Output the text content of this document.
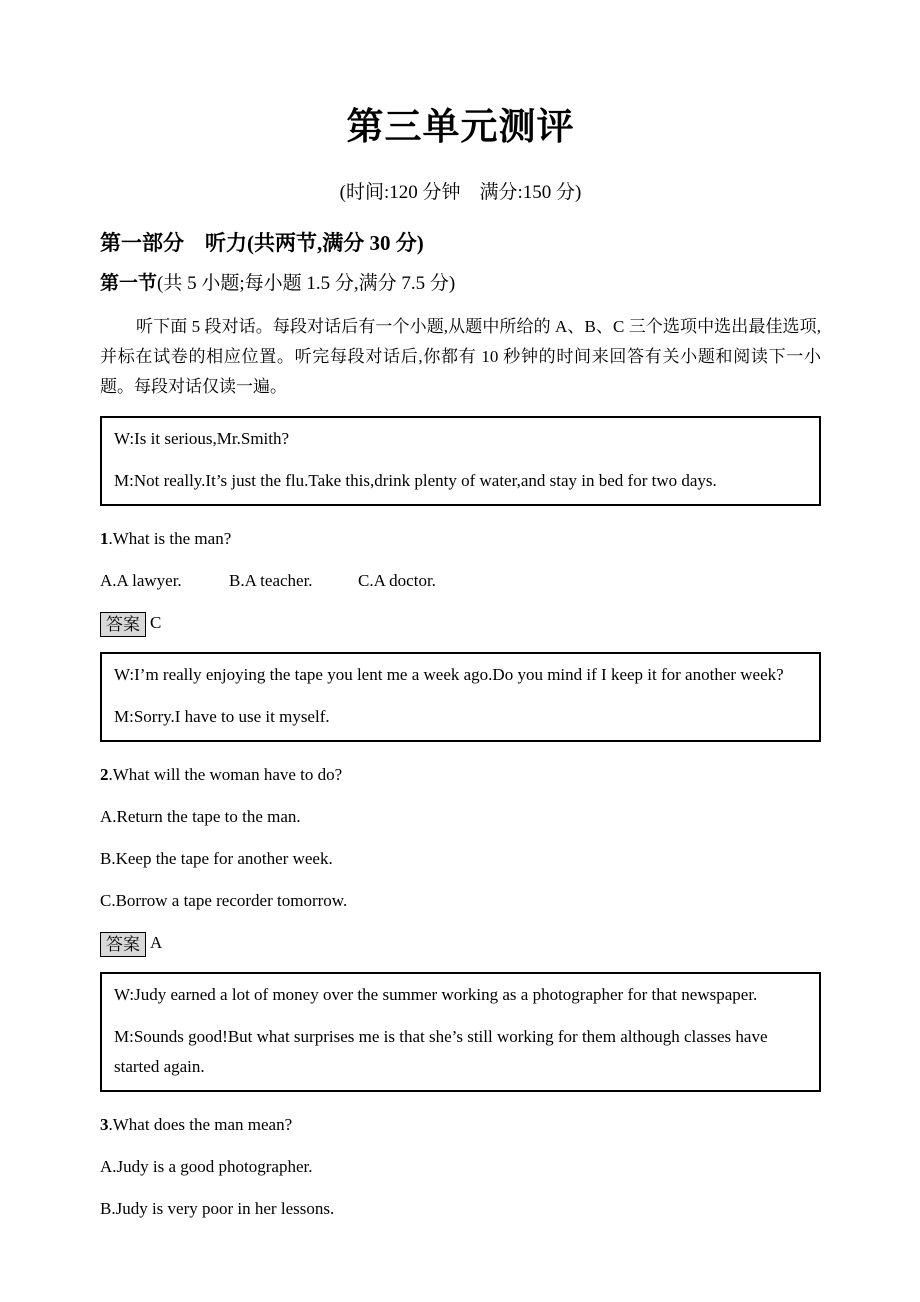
第三单元测评

(时间:120 分钟　满分:150 分)

第一部分　听力(共两节,满分 30 分)
第一节(共 5 小题;每小题 1.5 分,满分 7.5 分)

听下面 5 段对话。每段对话后有一个小题,从题中所给的 A、B、C 三个选项中选出最佳选项,并标在试卷的相应位置。听完每段对话后,你都有 10 秒钟的时间来回答有关小题和阅读下一小题。每段对话仅读一遍。

W:Is it serious,Mr.Smith?

M:Not really.It’s just the flu.Take this,drink plenty of water,and stay in bed for two days.

1.What is the man?

A.A lawyer.	B.A teacher.	C.A doctor.

答案 C

W:I’m really enjoying the tape you lent me a week ago.Do you mind if I keep it for another week?

M:Sorry.I have to use it myself.

2.What will the woman have to do?

A.Return the tape to the man.

B.Keep the tape for another week.

C.Borrow a tape recorder tomorrow.

答案 A

W:Judy earned a lot of money over the summer working as a photographer for that newspaper.

M:Sounds good!But what surprises me is that she’s still working for them although classes have started again.

3.What does the man mean?

A.Judy is a good photographer.

B.Judy is very poor in her lessons.
